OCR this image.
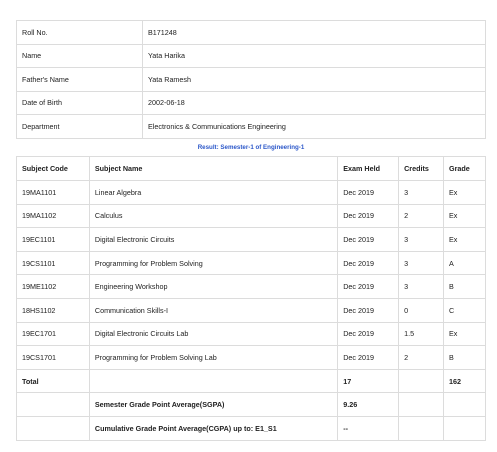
Roll No.	B171248
Name	Yata Harika
Father's Name	Yata Ramesh
Date of Birth	2002-06-18
Department	Electronics & Communications Engineering
Result: Semester-1 of Engineering-1
Subject Code	Subject Name	Exam Held	Credits	Grade
19MA1101	Linear Algebra	Dec 2019	3	Ex
19MA1102	Calculus	Dec 2019	2	Ex
19EC1101	Digital Electronic Circuits	Dec 2019	3	Ex
19CS1101	Programming for Problem Solving	Dec 2019	3	A
19ME1102	Engineering Workshop	Dec 2019	3	B
18HS1102	Communication Skills-I	Dec 2019	0	C
19EC1701	Digital Electronic Circuits Lab	Dec 2019	1.5	Ex
19CS1701	Programming for Problem Solving Lab	Dec 2019	2	B
Total		17		162
	Semester Grade Point Average(SGPA)	9.26		
	Cumulative Grade Point Average(CGPA) up to: E1_S1	--		
